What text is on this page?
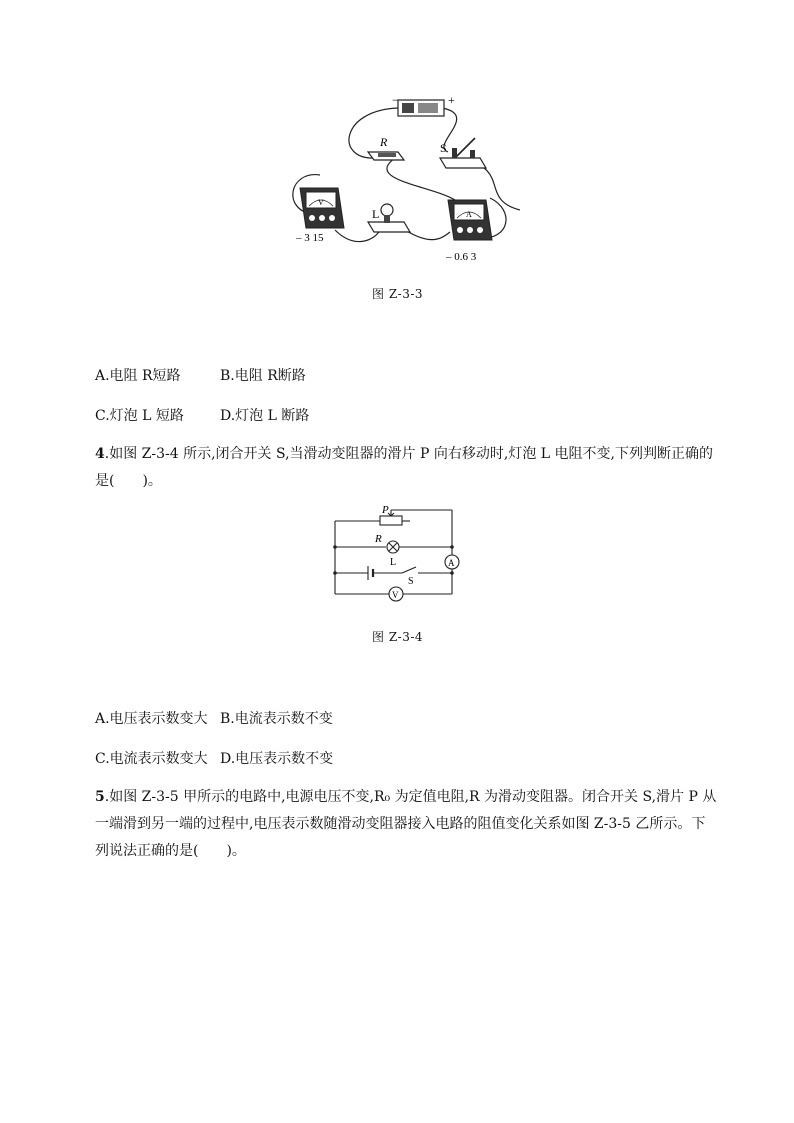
−	+
R	S
V
– 3 15
L	A
– 0.6 3
图 Z-3-3
A.电阻 R短路	B.电阻 R断路
C.灯泡 L 短路	D.灯泡 L 断路
4.如图 Z-3-4 所示,闭合开关 S,当滑动变阻器的滑片 P 向右移动时,灯泡 L 电阻不变,下列判断正确的
是(　　)。
P
R
L
S
A
V
图 Z-3-4
A.电压表示数变大 B.电流表示数不变
C.电流表示数变大 D.电压表示数不变
5.如图 Z-3-5 甲所示的电路中,电源电压不变,R₀ 为定值电阻,R 为滑动变阻器。闭合开关 S,滑片 P 从
一端滑到另一端的过程中,电压表示数随滑动变阻器接入电路的阻值变化关系如图 Z-3-5 乙所示。下
列说法正确的是(　　)。
